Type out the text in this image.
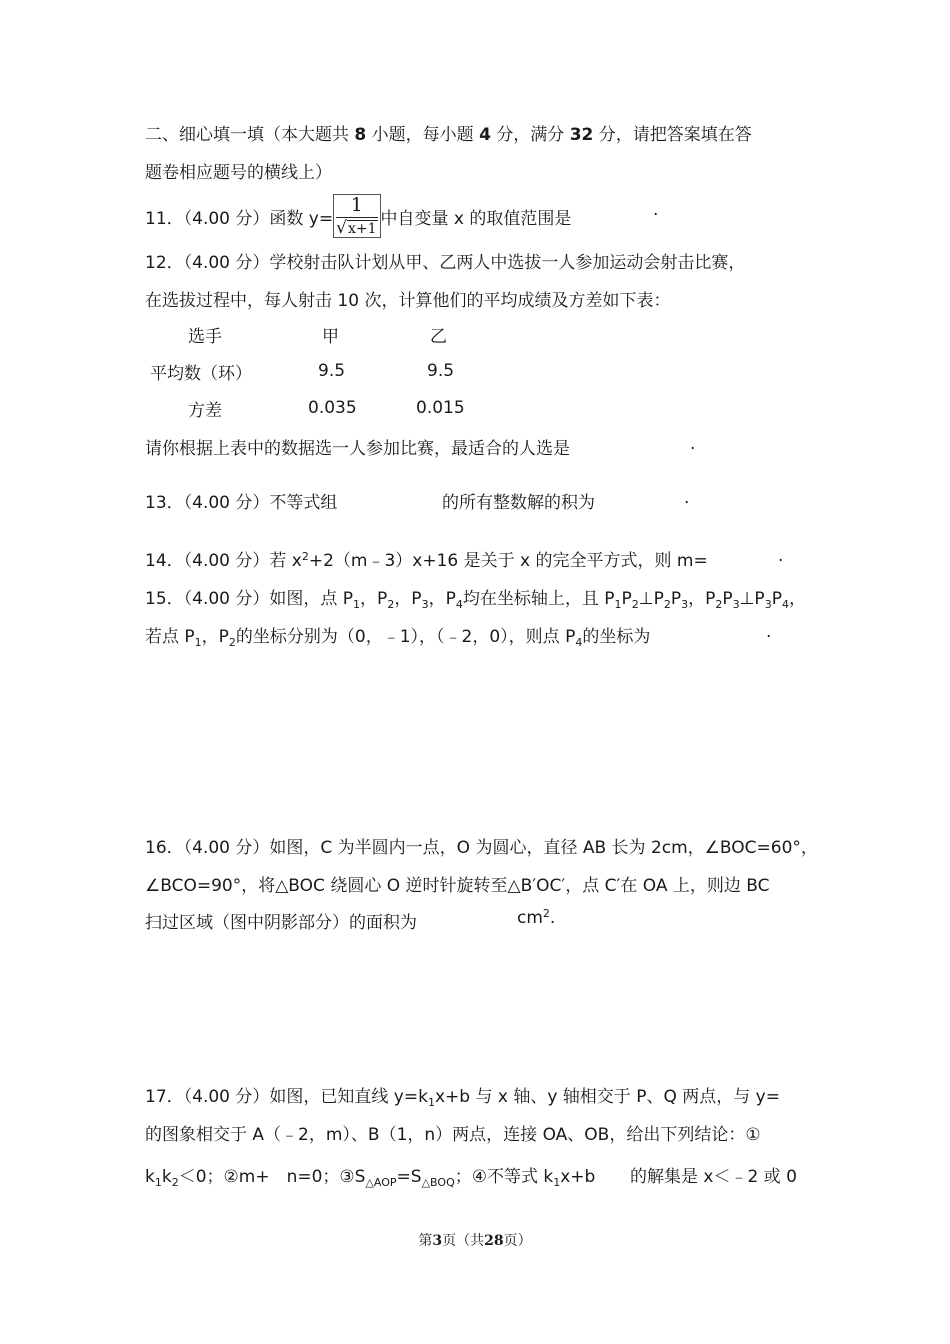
二、细心填一填（本大题共 8 小题，每小题 4 分，满分 32 分，请把答案填在答
题卷相应题号的横线上）
11．（4.00 分）函数 $y= \frac{1}{√x+1}$ 中自变量 x 的取值范围是	.
12．（4.00 分）学校射击队计划从甲、乙两人中选拔一人参加运动会射击比赛，
在选拔过程中，每人射击 10 次，计算他们的平均成绩及方差如下表：
选手	甲	乙
平均数（环）	9.5	9.5
方差	0.035	0.015
请你根据上表中的数据选一人参加比赛，最适合的人选是	.
13．（4.00 分）不等式组	的所有整数解的积为	.
14．（4.00 分）若 $x^2+2(m﹣3)x+16$ 是关于 x 的完全平方式，则 m=	.
15．（4.00 分）如图，点 $P_1$，$P_2$，$P_3$，$P_4$均在坐标轴上，且 $P_1P_2\perp P_2P_3$，$P_2P_3\perp P_3P_4$，
若点 $P_1$，$P_2$的坐标分别为（0，﹣1），（﹣2，0），则点 $P_4$的坐标为	.
16．（4.00 分）如图，C 为半圆内一点，O 为圆心，直径 AB 长为 2cm，∠BOC=60°，
∠BCO=90°，将△BOC 绕圆心 O 逆时针旋转至△B′OC′，点 C′在 OA 上，则边 BC
扫过区域（图中阴影部分）的面积为	$cm^2$.
17．（4.00 分）如图，已知直线 $y=k_1x+b$ 与 x 轴、y 轴相交于 P、Q 两点，与 y=
的图象相交于 A（﹣2，m）、B（1，n）两点，连接 OA、OB，给出下列结论：①
$k_1k_2<0$；②m+　n=0；$③S_{\triangle AOP}=S_{\triangle BOQ}$；④不等式 $k_1x+b$ 的解集是 x＜﹣2 或 0
第3页（共28页）
